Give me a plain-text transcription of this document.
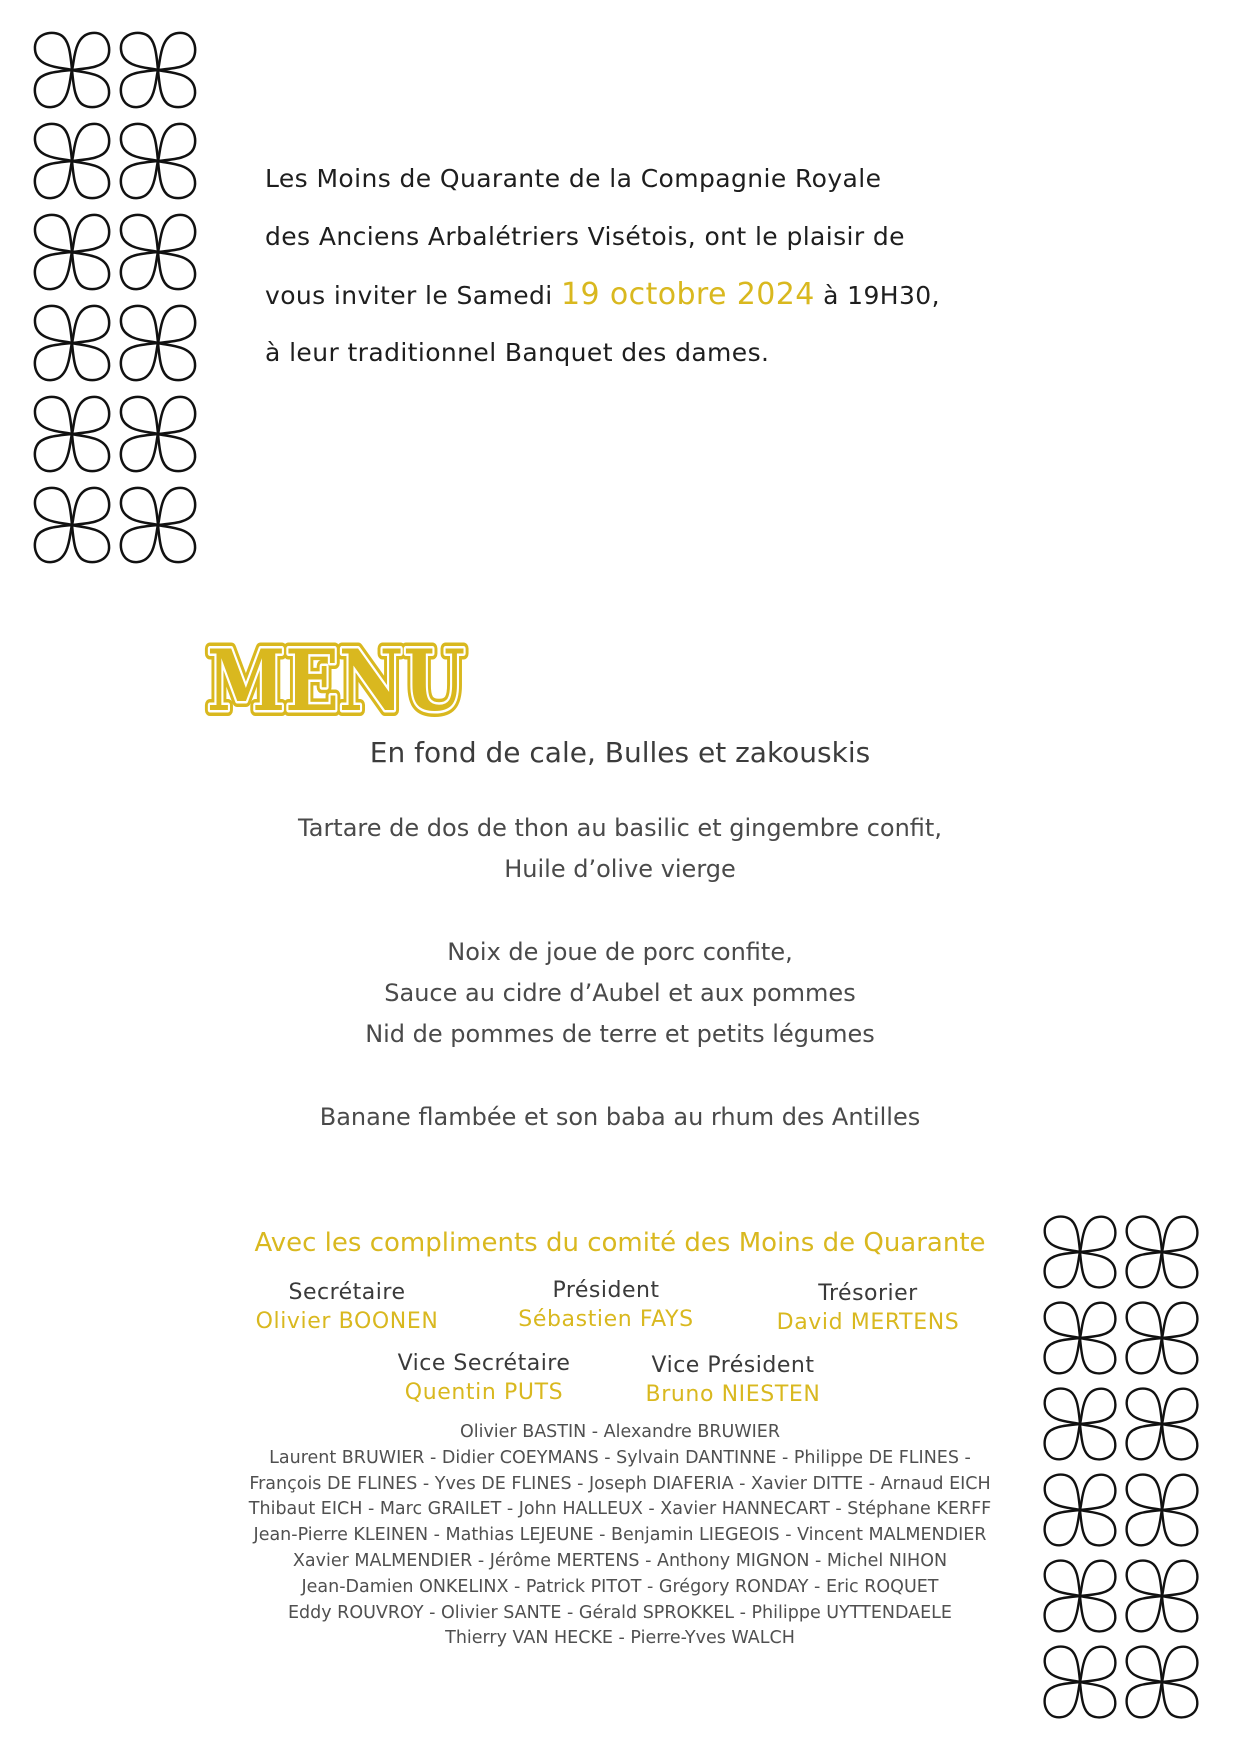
Les Moins de Quarante de la Compagnie Royale
des Anciens Arbalétriers Visétois, ont le plaisir de
vous inviter le Samedi 19 octobre 2024 à 19H30,
à leur traditionnel Banquet des dames.
MENU
MENU
MENU
En fond de cale, Bulles et zakouskis
Tartare de dos de thon au basilic et gingembre confit,
Huile d’olive vierge
Noix de joue de porc confite,
Sauce au cidre d’Aubel et aux pommes
Nid de pommes de terre et petits légumes
Banane flambée et son baba au rhum des Antilles
Avec les compliments du comité des Moins de Quarante
Secrétaire
Olivier BOONEN
Président
Sébastien FAYS
Trésorier
David MERTENS
Vice Secrétaire
Quentin PUTS
Vice Président
Bruno NIESTEN
Olivier BASTIN - Alexandre BRUWIER
Laurent BRUWIER - Didier COEYMANS - Sylvain DANTINNE - Philippe DE FLINES -
François DE FLINES - Yves DE FLINES - Joseph DIAFERIA - Xavier DITTE - Arnaud EICH
Thibaut EICH - Marc GRAILET - John HALLEUX - Xavier HANNECART - Stéphane KERFF
Jean-Pierre KLEINEN - Mathias LEJEUNE - Benjamin LIEGEOIS - Vincent MALMENDIER
Xavier MALMENDIER - Jérôme MERTENS - Anthony MIGNON - Michel NIHON
Jean-Damien ONKELINX - Patrick PITOT - Grégory RONDAY - Eric ROQUET
Eddy ROUVROY - Olivier SANTE - Gérald SPROKKEL - Philippe UYTTENDAELE
Thierry VAN HECKE - Pierre-Yves WALCH
